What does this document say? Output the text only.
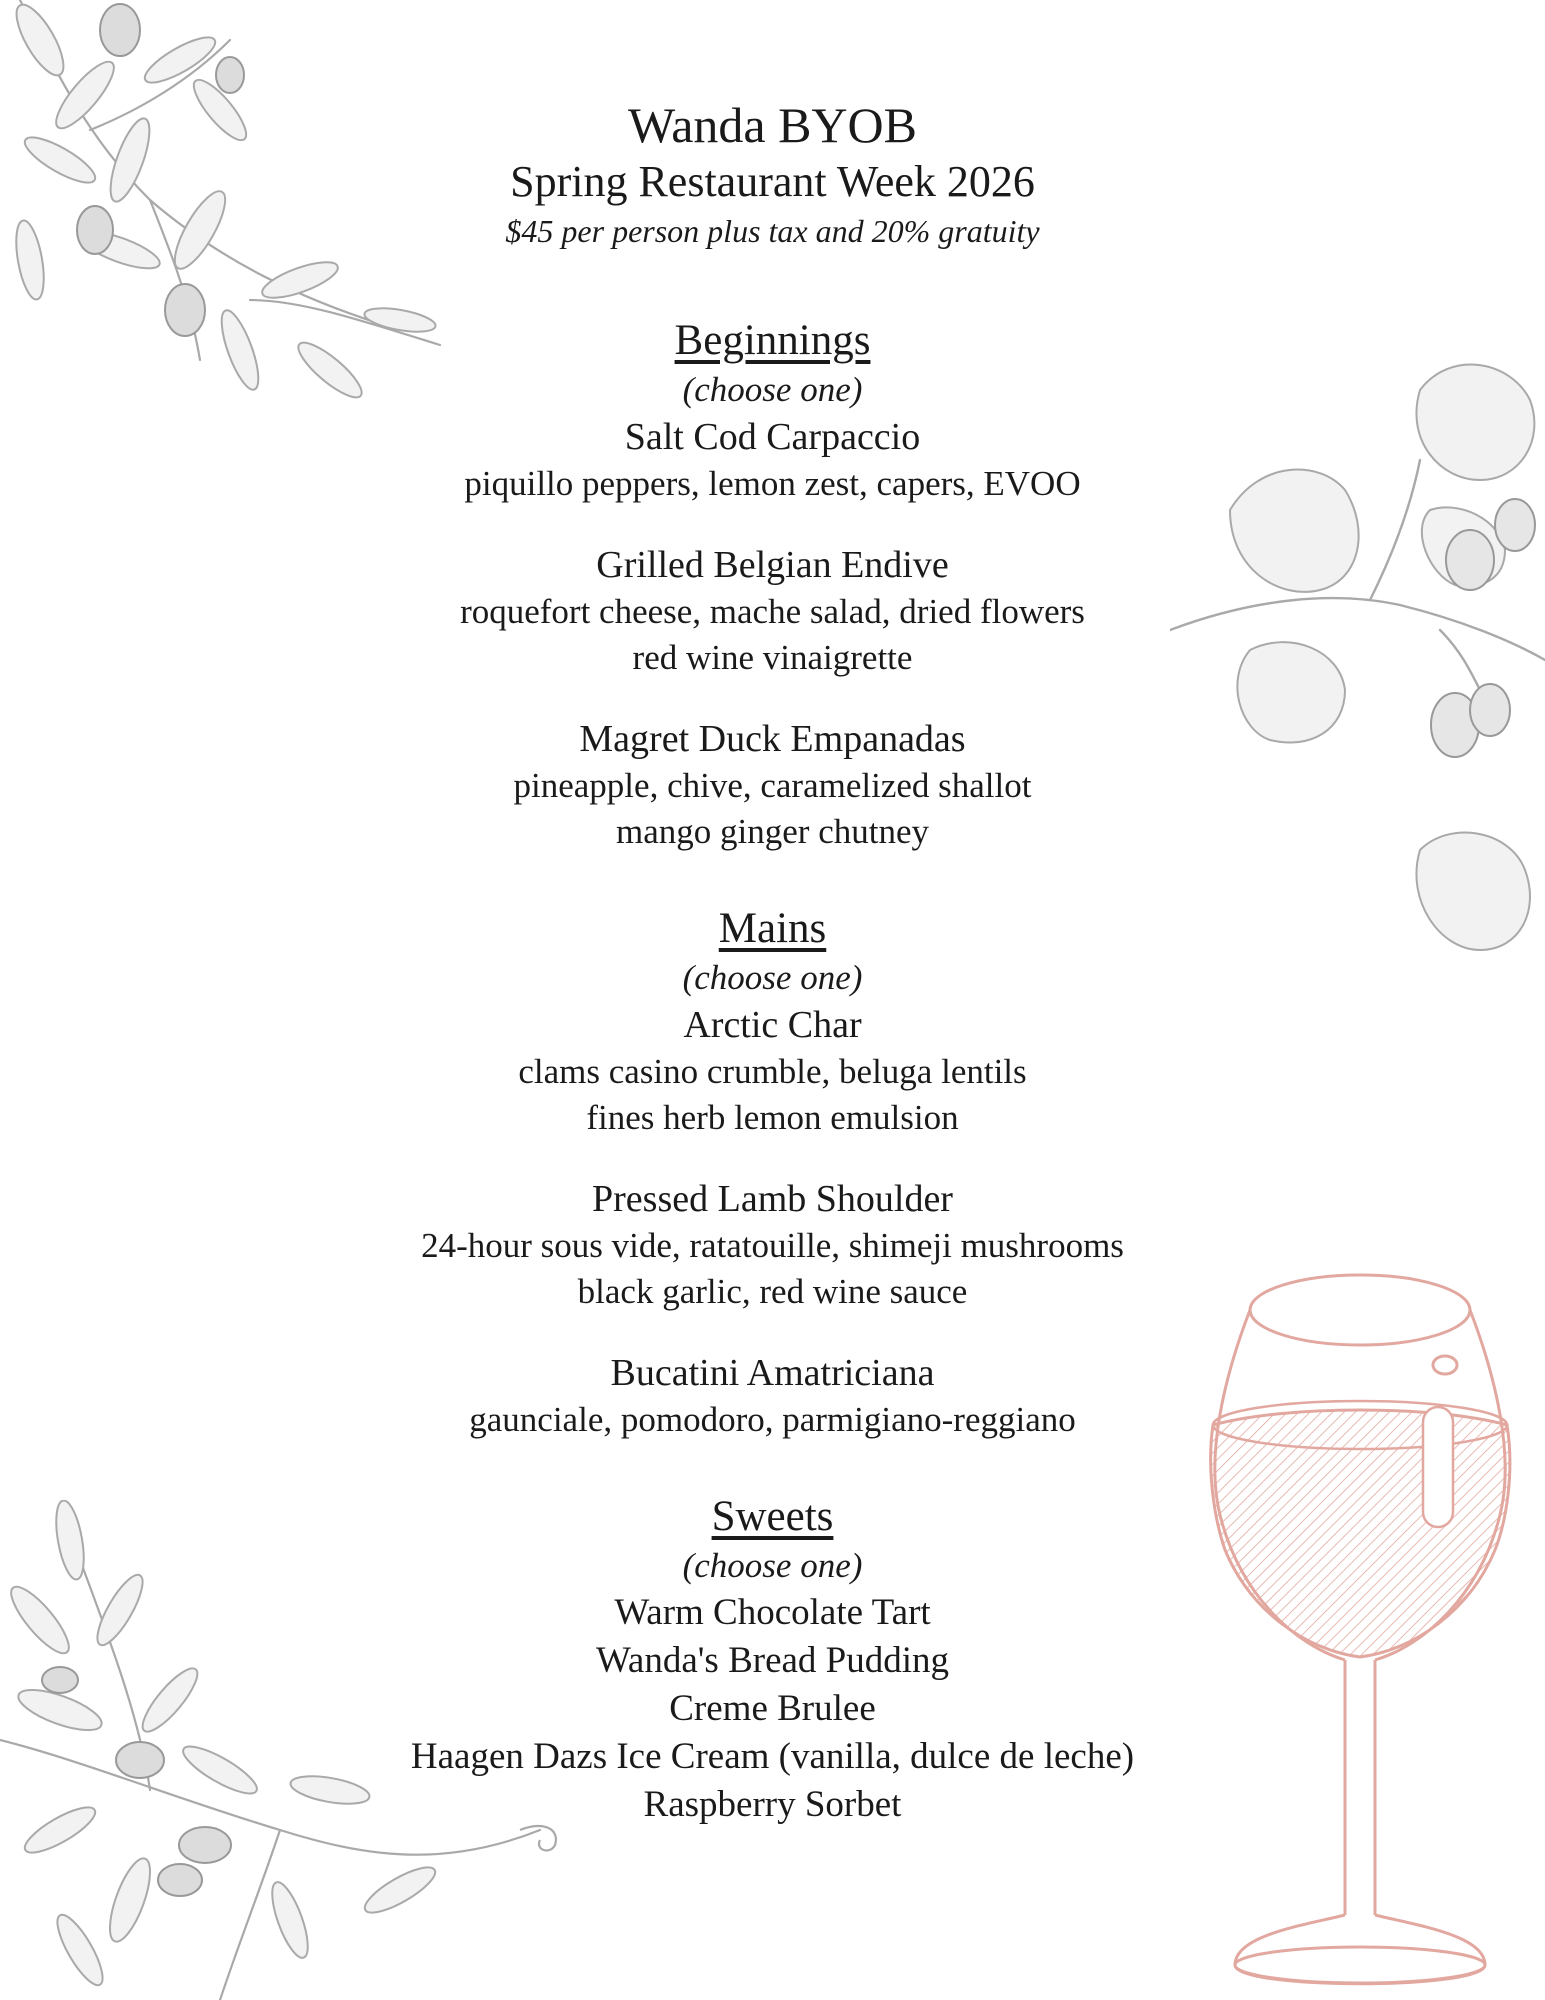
Wanda BYOB
Spring Restaurant Week 2026

$45 per person plus tax and 20% gratuity

Beginnings

(choose one)

Salt Cod Carpaccio

piquillo peppers, lemon zest, capers, EVOO

Grilled Belgian Endive

roquefort cheese, mache salad, dried flowers

red wine vinaigrette

Magret Duck Empanadas

pineapple, chive, caramelized shallot

mango ginger chutney

Mains

(choose one)

Arctic Char

clams casino crumble, beluga lentils

fines herb lemon emulsion

Pressed Lamb Shoulder

24-hour sous vide, ratatouille, shimeji mushrooms

black garlic, red wine sauce

Bucatini Amatriciana

gaunciale, pomodoro, parmigiano-reggiano

Sweets

(choose one)

Warm Chocolate Tart

Wanda's Bread Pudding

Creme Brulee

Haagen Dazs Ice Cream (vanilla, dulce de leche)

Raspberry Sorbet
